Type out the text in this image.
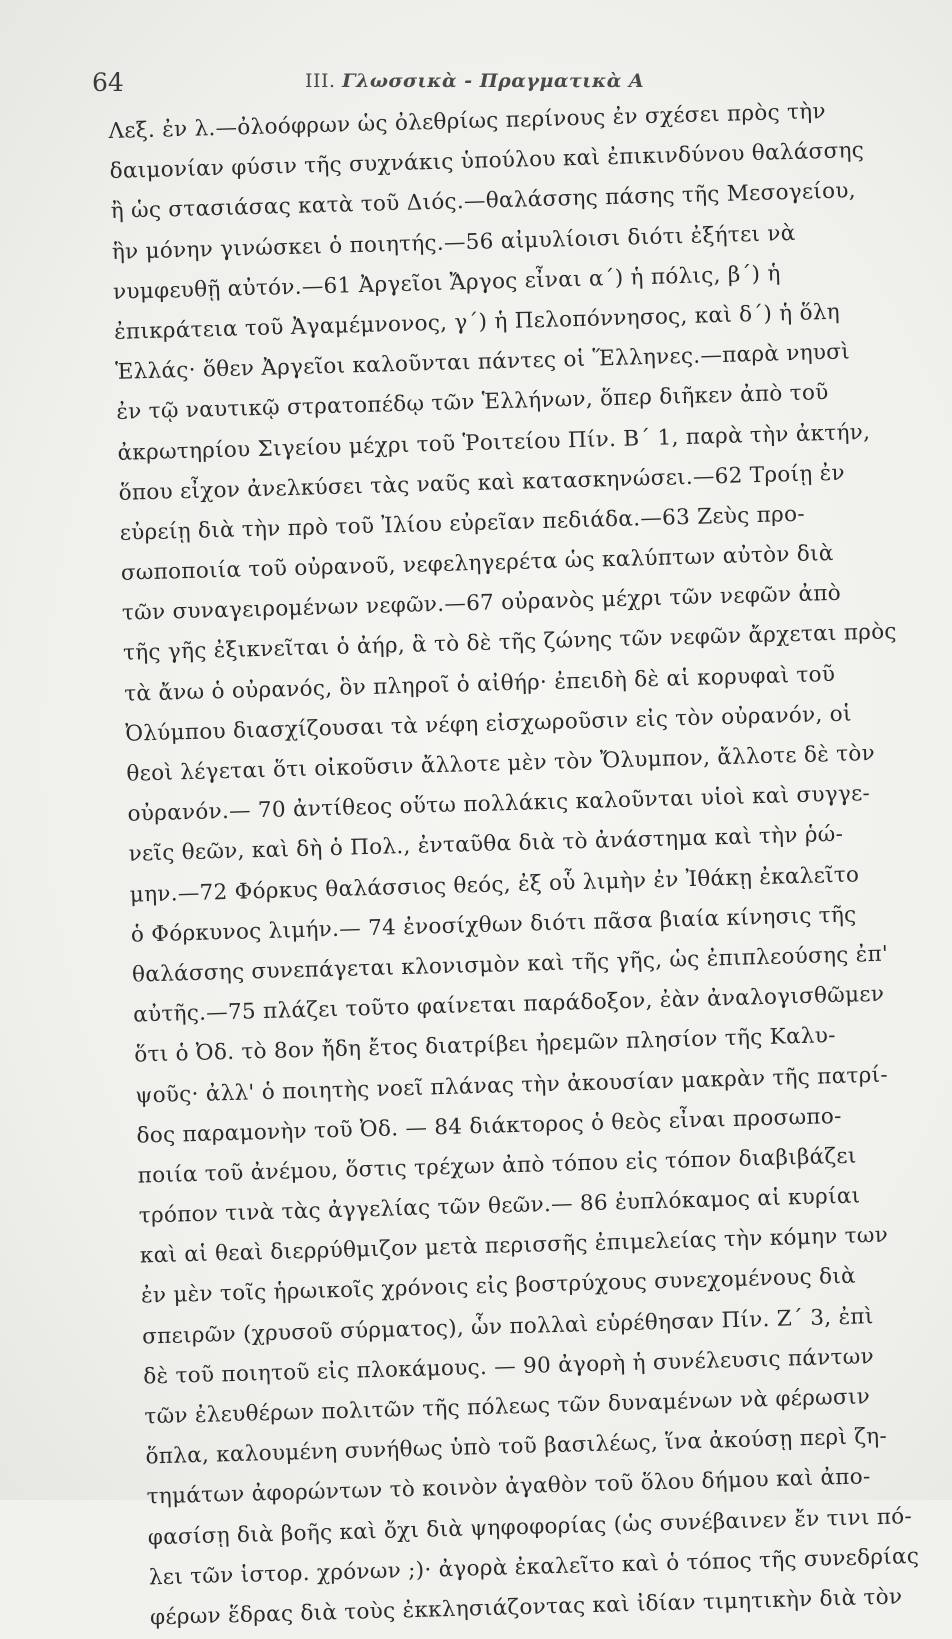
64	III. Γλωσσικὰ - Πραγματικὰ Α
Λεξ. ἐν λ.—ὀλοόφρων ὡς ὀλεθρίως περίνους ἐν σχέσει πρὸς τὴν
δαιμονίαν φύσιν τῆς συχνάκις ὑπούλου καὶ ἐπικινδύνου θαλάσσης
ἢ ὡς στασιάσας κατὰ τοῦ Διός.—θαλάσσης πάσης τῆς Μεσογείου,
ἣν μόνην γινώσκει ὁ ποιητής.—56 αἰμυλίοισι διότι ἐξήτει νὰ
νυμφευθῇ αὐτόν.—61 Ἀργεῖοι Ἄργος εἶναι α΄) ἡ πόλις, β΄) ἡ
ἐπικράτεια τοῦ Ἀγαμέμνονος, γ΄) ἡ Πελοπόννησος, καὶ δ΄) ἡ ὅλη
Ἑλλάς· ὅθεν Ἀργεῖοι καλοῦνται πάντες οἱ Ἕλληνες.—παρὰ νηυσὶ
ἐν τῷ ναυτικῷ στρατοπέδῳ τῶν Ἑλλήνων, ὅπερ διῆκεν ἀπὸ τοῦ
ἀκρωτηρίου Σιγείου μέχρι τοῦ Ῥοιτείου Πίν. Β΄ 1, παρὰ τὴν ἀκτήν,
ὅπου εἶχον ἀνελκύσει τὰς ναῦς καὶ κατασκηνώσει.—62 Τροίῃ ἐν
εὐρείῃ διὰ τὴν πρὸ τοῦ Ἰλίου εὐρεῖαν πεδιάδα.—63 Ζεὺς προ-
σωποποιία τοῦ οὐρανοῦ, νεφεληγερέτα ὡς καλύπτων αὐτὸν διὰ
τῶν συναγειρομένων νεφῶν.—67 οὐρανὸς μέχρι τῶν νεφῶν ἀπὸ
τῆς γῆς ἐξικνεῖται ὁ ἀήρ, ἃ τὸ δὲ τῆς ζώνης τῶν νεφῶν ἄρχεται πρὸς
τὰ ἄνω ὁ οὐρανός, ὃν πληροῖ ὁ αἰθήρ· ἐπειδὴ δὲ αἱ κορυφαὶ τοῦ
Ὀλύμπου διασχίζουσαι τὰ νέφη εἰσχωροῦσιν εἰς τὸν οὐρανόν, οἱ
θεοὶ λέγεται ὅτι οἰκοῦσιν ἄλλοτε μὲν τὸν Ὄλυμπον, ἄλλοτε δὲ τὸν
οὐρανόν.— 70 ἀντίθεος οὕτω πολλάκις καλοῦνται υἱοὶ καὶ συγγε-
νεῖς θεῶν, καὶ δὴ ὁ Πολ., ἐνταῦθα διὰ τὸ ἀνάστημα καὶ τὴν ῥώ-
μην.—72 Φόρκυς θαλάσσιος θεός, ἐξ οὗ λιμὴν ἐν Ἰθάκῃ ἐκαλεῖτο
ὁ Φόρκυνος λιμήν.— 74 ἐνοσίχθων διότι πᾶσα βιαία κίνησις τῆς
θαλάσσης συνεπάγεται κλονισμὸν καὶ τῆς γῆς, ὡς ἐπιπλεούσης ἐπ'
αὐτῆς.—75 πλάζει τοῦτο φαίνεται παράδοξον, ἐὰν ἀναλογισθῶμεν
ὅτι ὁ Ὀδ. τὸ 8ον ἤδη ἔτος διατρίβει ἠρεμῶν πλησίον τῆς Καλυ-
ψοῦς· ἀλλ' ὁ ποιητὴς νοεῖ πλάνας τὴν ἀκουσίαν μακρὰν τῆς πατρί-
δος παραμονὴν τοῦ Ὀδ. — 84 διάκτορος ὁ θεὸς εἶναι προσωπο-
ποιία τοῦ ἀνέμου, ὅστις τρέχων ἀπὸ τόπου εἰς τόπον διαβιβάζει
τρόπον τινὰ τὰς ἀγγελίας τῶν θεῶν.— 86 ἐυπλόκαμος αἱ κυρίαι
καὶ αἱ θεαὶ διερρύθμιζον μετὰ περισσῆς ἐπιμελείας τὴν κόμην των
ἐν μὲν τοῖς ἡρωικοῖς χρόνοις εἰς βοστρύχους συνεχομένους διὰ
σπειρῶν (χρυσοῦ σύρματος), ὧν πολλαὶ εὑρέθησαν Πίν. Ζ΄ 3, ἐπὶ
δὲ τοῦ ποιητοῦ εἰς πλοκάμους. — 90 ἀγορὴ ἡ συνέλευσις πάντων
τῶν ἐλευθέρων πολιτῶν τῆς πόλεως τῶν δυναμένων νὰ φέρωσιν
ὅπλα, καλουμένη συνήθως ὑπὸ τοῦ βασιλέως, ἵνα ἀκούσῃ περὶ ζη-
τημάτων ἀφορώντων τὸ κοινὸν ἀγαθὸν τοῦ ὅλου δήμου καὶ ἀπο-
φασίσῃ διὰ βοῆς καὶ ὄχι διὰ ψηφοφορίας (ὡς συνέβαινεν ἔν τινι πό-
λει τῶν ἱστορ. χρόνων ;)· ἀγορὰ ἐκαλεῖτο καὶ ὁ τόπος τῆς συνεδρίας
φέρων ἕδρας διὰ τοὺς ἐκκλησιάζοντας καὶ ἰδίαν τιμητικὴν διὰ τὸν
